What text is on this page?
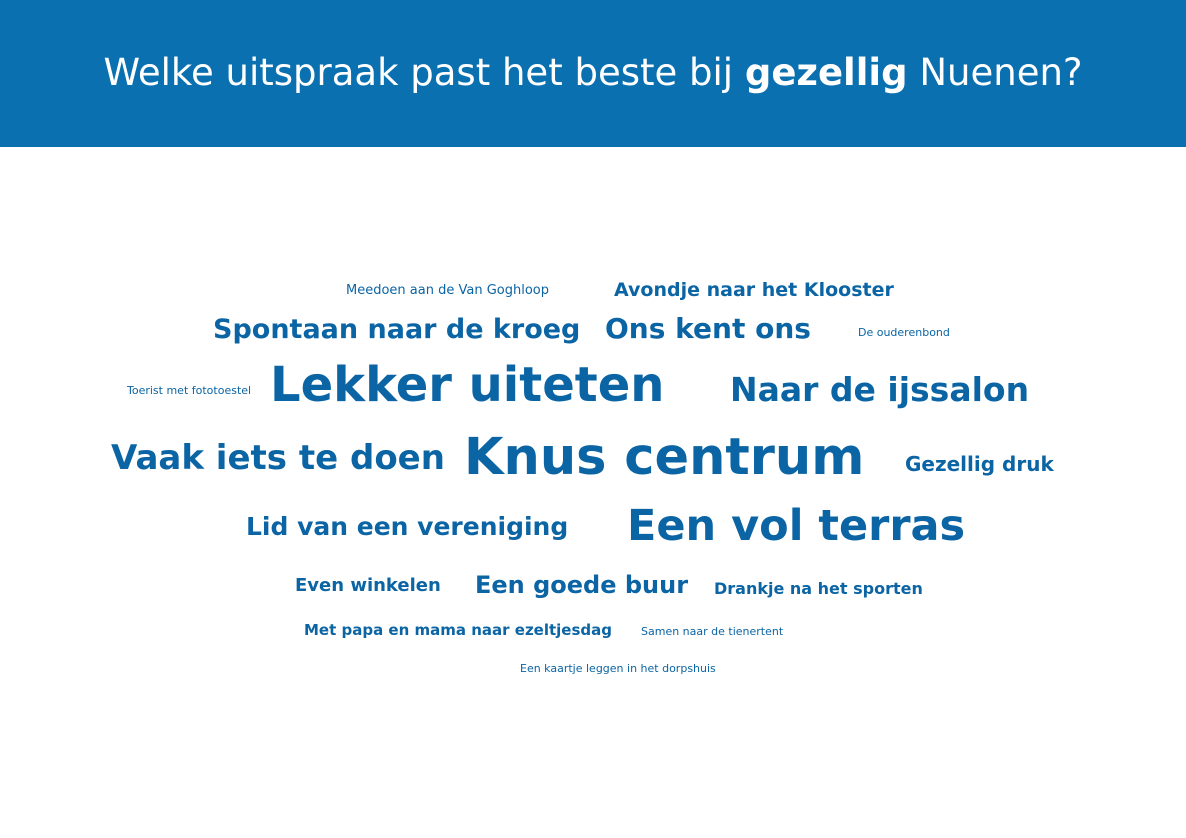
Welke uitspraak past het beste bij gezellig Nuenen?
Meedoen aan de Van Goghloop	Avondje naar het Klooster
Spontaan naar de kroeg Ons kent ons	De ouderenbond
Toerist met fototoestel Lekker uiteten Naar de ijssalon
Vaak iets te doen Knus centrum Gezellig druk
Lid van een vereniging Een vol terras
Even winkelen Een goede buur Drankje na het sporten
Met papa en mama naar ezeltjesdag	Samen naar de tienertent
Een kaartje leggen in het dorpshuis
